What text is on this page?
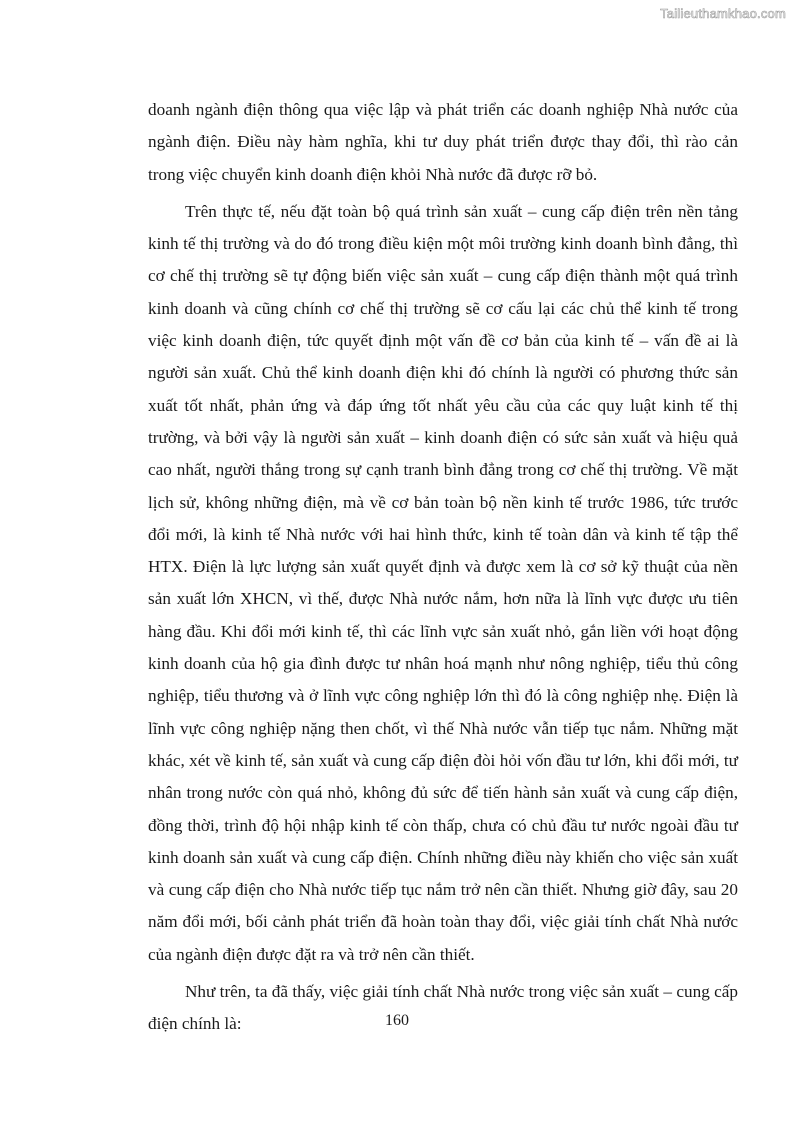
Tailieuthamkhao.com

doanh ngành điện thông qua việc lập và phát triển các doanh nghiệp Nhà nước của ngành điện. Điều này hàm nghĩa, khi tư duy phát triển được thay đổi, thì rào cản trong việc chuyển kinh doanh điện khỏi Nhà nước đã được rỡ bỏ.

Trên thực tế, nếu đặt toàn bộ quá trình sản xuất – cung cấp điện trên nền tảng kinh tế thị trường và do đó trong điều kiện một môi trường kinh doanh bình đẳng, thì cơ chế thị trường sẽ tự động biến việc sản xuất – cung cấp điện thành một quá trình kinh doanh và cũng chính cơ chế thị trường sẽ cơ cấu lại các chủ thể kinh tế trong việc kinh doanh điện, tức quyết định một vấn đề cơ bản của kinh tế – vấn đề ai là người sản xuất. Chủ thể kinh doanh điện khi đó chính là người có phương thức sản xuất tốt nhất, phản ứng và đáp ứng tốt nhất yêu cầu của các quy luật kinh tế thị trường, và bởi vậy là người sản xuất – kinh doanh điện có sức sản xuất và hiệu quả cao nhất, người thắng trong sự cạnh tranh bình đẳng trong cơ chế thị trường. Về mặt lịch sử, không những điện, mà về cơ bản toàn bộ nền kinh tế trước 1986, tức trước đổi mới, là kinh tế Nhà nước với hai hình thức, kinh tế toàn dân và kinh tế tập thể HTX. Điện là lực lượng sản xuất quyết định và được xem là cơ sở kỹ thuật của nền sản xuất lớn XHCN, vì thế, được Nhà nước nắm, hơn nữa là lĩnh vực được ưu tiên hàng đầu. Khi đổi mới kinh tế, thì các lĩnh vực sản xuất nhỏ, gắn liền với hoạt động kinh doanh của hộ gia đình được tư nhân hoá mạnh như nông nghiệp, tiểu thủ công nghiệp, tiểu thương và ở lĩnh vực công nghiệp lớn thì đó là công nghiệp nhẹ. Điện là lĩnh vực công nghiệp nặng then chốt, vì thế Nhà nước vẫn tiếp tục nắm. Những mặt khác, xét về kinh tế, sản xuất và cung cấp điện đòi hỏi vốn đầu tư lớn, khi đổi mới, tư nhân trong nước còn quá nhỏ, không đủ sức để tiến hành sản xuất và cung cấp điện, đồng thời, trình độ hội nhập kinh tế còn thấp, chưa có chủ đầu tư nước ngoài đầu tư kinh doanh sản xuất và cung cấp điện. Chính những điều này khiến cho việc sản xuất và cung cấp điện cho Nhà nước tiếp tục nắm trở nên cần thiết. Nhưng giờ đây, sau 20 năm đổi mới, bối cảnh phát triển đã hoàn toàn thay đổi, việc giải tính chất Nhà nước của ngành điện được đặt ra và trở nên cần thiết.

Như trên, ta đã thấy, việc giải tính chất Nhà nước trong việc sản xuất – cung cấp điện chính là:	160
